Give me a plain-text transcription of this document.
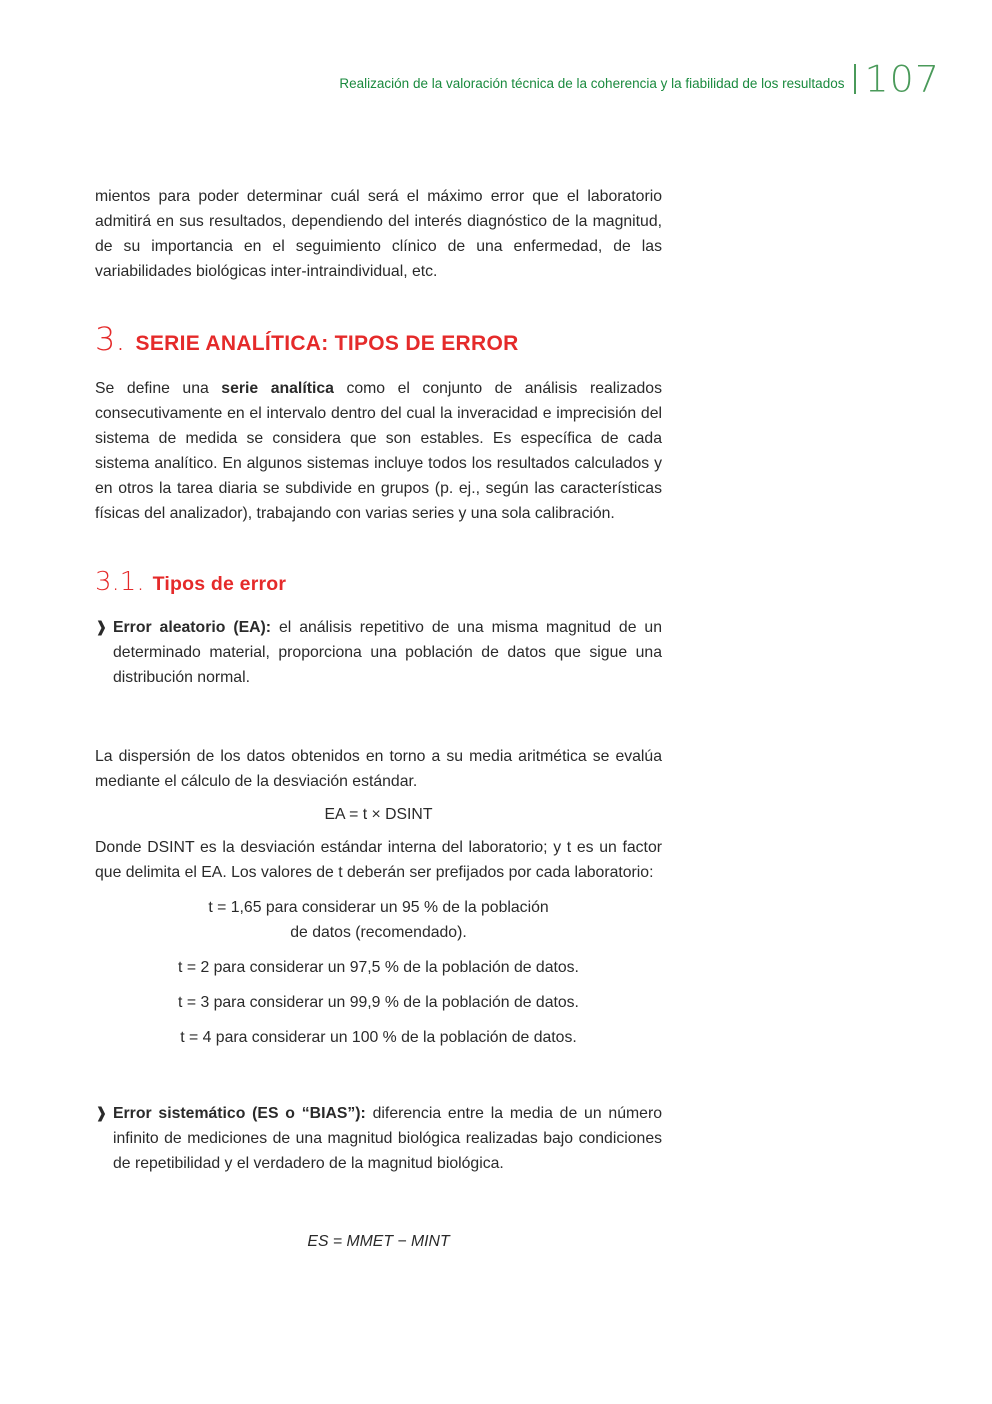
Realización de la valoración técnica de la coherencia y la fiabilidad de los resultados 107

mientos para poder determinar cuál será el máximo error que el laboratorio admitirá en sus resultados, dependiendo del interés diagnóstico de la magnitud, de su importancia en el seguimiento clínico de una enfermedad, de las variabilidades biológicas inter-intraindividual, etc.

3. SERIE ANALÍTICA: TIPOS DE ERROR

Se define una serie analítica como el conjunto de análisis realizados consecutivamente en el intervalo dentro del cual la inveracidad e imprecisión del sistema de medida se considera que son estables. Es específica de cada sistema analítico. En algunos sistemas incluye todos los resultados calculados y en otros la tarea diaria se subdivide en grupos (p. ej., según las características físicas del analizador), trabajando con varias series y una sola calibración.

3.1. Tipos de error
❱ Error aleatorio (EA): el análisis repetitivo de una misma magnitud de un determinado material, proporciona una población de datos que sigue una distribución normal.

La dispersión de los datos obtenidos en torno a su media aritmética se evalúa mediante el cálculo de la desviación estándar.

EA = t × DSINT

Donde DSINT es la desviación estándar interna del laboratorio; y t es un factor que delimita el EA. Los valores de t deberán ser prefijados por cada laboratorio:

t = 1,65 para considerar un 95 % de la población
de datos (recomendado).
t = 2 para considerar un 97,5 % de la población de datos.
t = 3 para considerar un 99,9 % de la población de datos.
t = 4 para considerar un 100 % de la población de datos.
❱ Error sistemático (ES o “BIAS”): diferencia entre la media de un número infinito de mediciones de una magnitud biológica realizadas bajo condiciones de repetibilidad y el verdadero de la magnitud biológica.

ES = MMET − MINT
